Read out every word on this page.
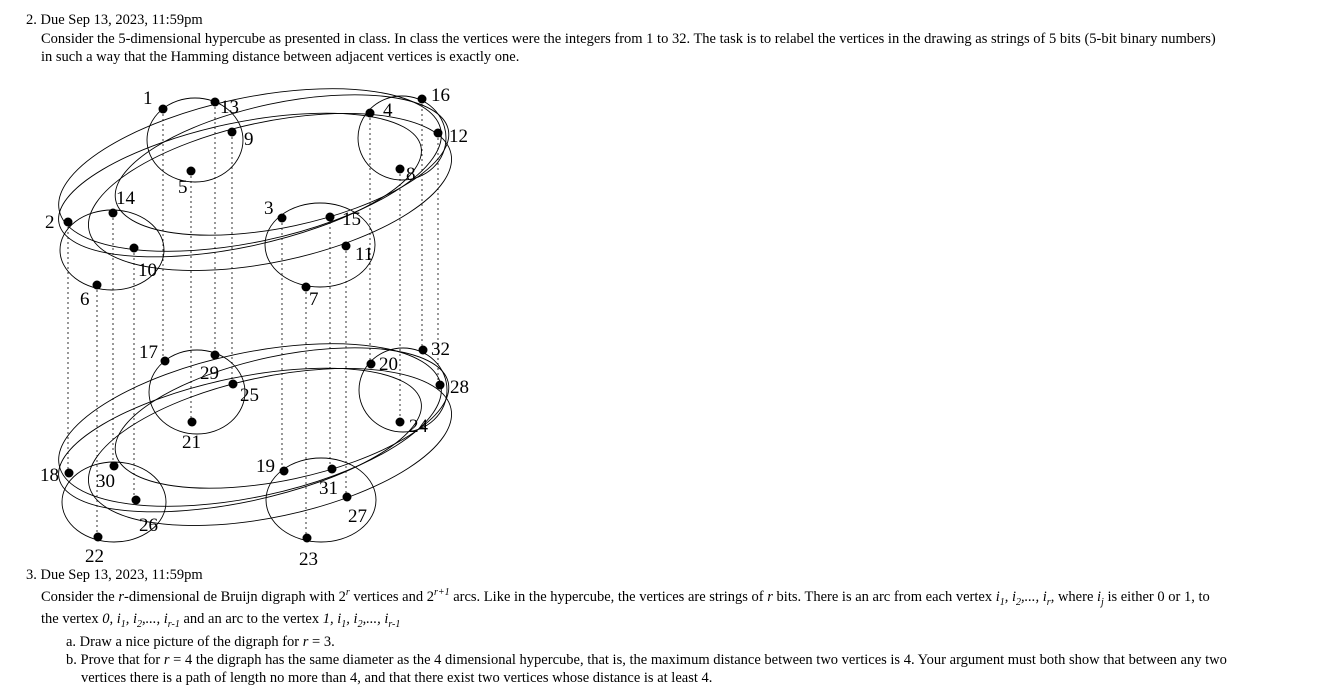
2. Due Sep 13, 2023, 11:59pm

Consider the 5-dimensional hypercube as presented in class. In class the vertices were the integers from 1 to 32. The task is to relabel the vertices in the drawing as strings of 5 bits (5-bit binary numbers)

in such a way that the Hamming distance between adjacent vertices is exactly one.

1	13	4
16
9	12
5
8
14	3
15
2
11
10
6	7
17
29
32
20
25	28
21
24
19
18 30	31
27
26
22	23

3. Due Sep 13, 2023, 11:59pm

Consider the r-dimensional de Bruijn digraph with 2$^r$ vertices and $2^{r+1}$ arcs. Like in the hypercube, the vertices are strings of r bits. There is an arc from each vertex $i_1$, $i_2$,..., $i_r$, where $i_j$ is either 0 or 1, to

the vertex 0, $i_1$, $i_2$,..., $i_{r-1}$ and an arc to the vertex 1, $i_1$, $i_2$,..., $i_{r-1}$

a. Draw a nice picture of the digraph for r = 3.

b. Prove that for r = 4 the digraph has the same diameter as the 4 dimensional hypercube, that is, the maximum distance between two vertices is 4. Your argument must both show that between any two

vertices there is a path of length no more than 4, and that there exist two vertices whose distance is at least 4.
